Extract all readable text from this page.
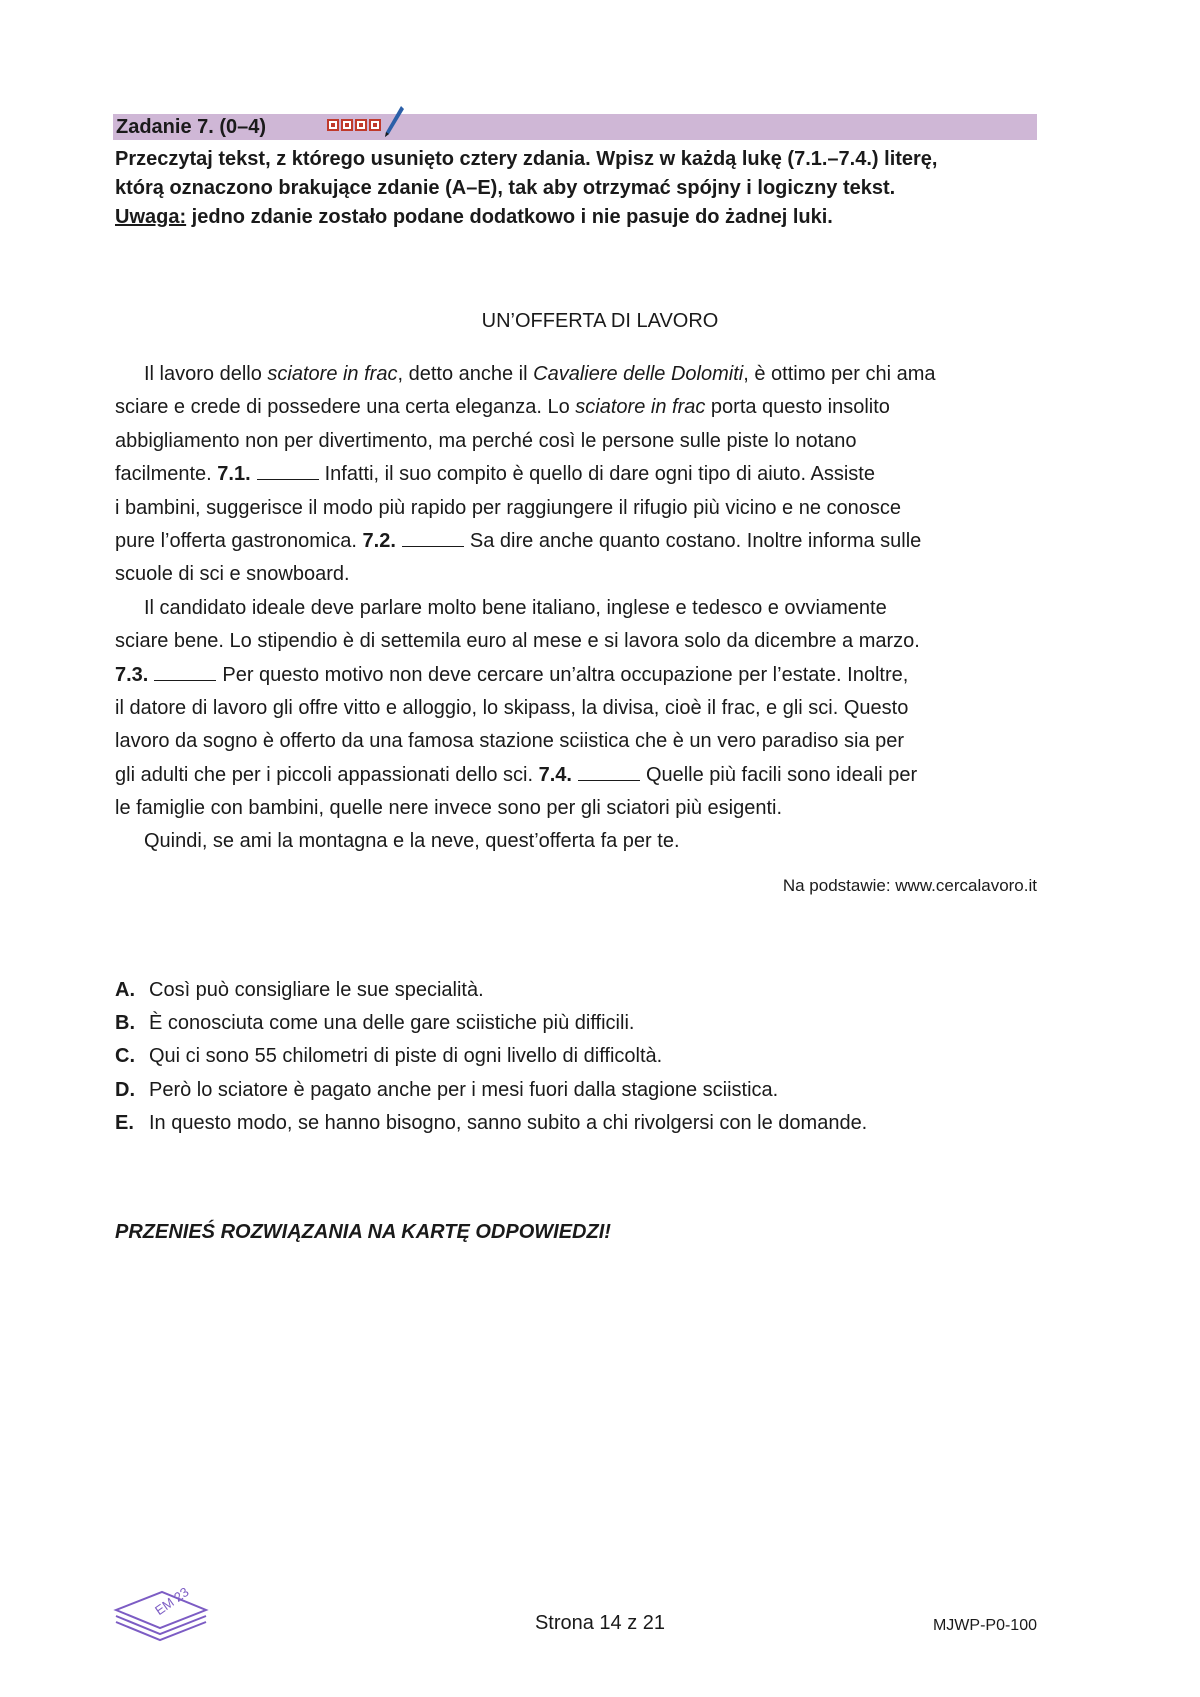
Zadanie 7. (0–4)
Przeczytaj tekst, z którego usunięto cztery zdania. Wpisz w każdą lukę (7.1.–7.4.) literę,
którą oznaczono brakujące zdanie (A–E), tak aby otrzymać spójny i logiczny tekst.
Uwaga: jedno zdanie zostało podane dodatkowo i nie pasuje do żadnej luki.
UN’OFFERTA DI LAVORO
Il lavoro dello sciatore in frac, detto anche il Cavaliere delle Dolomiti, è ottimo per chi ama
sciare e crede di possedere una certa eleganza. Lo sciatore in frac porta questo insolito
abbigliamento non per divertimento, ma perché così le persone sulle piste lo notano
facilmente. 7.1.	Infatti, il suo compito è quello di dare ogni tipo di aiuto. Assiste
i bambini, suggerisce il modo più rapido per raggiungere il rifugio più vicino e ne conosce
pure l’offerta gastronomica. 7.2.	Sa dire anche quanto costano. Inoltre informa sulle
scuole di sci e snowboard.
Il candidato ideale deve parlare molto bene italiano, inglese e tedesco e ovviamente
sciare bene. Lo stipendio è di settemila euro al mese e si lavora solo da dicembre a marzo.
7.3.	Per questo motivo non deve cercare un’altra occupazione per l’estate. Inoltre,
il datore di lavoro gli offre vitto e alloggio, lo skipass, la divisa, cioè il frac, e gli sci. Questo
lavoro da sogno è offerto da una famosa stazione sciistica che è un vero paradiso sia per
gli adulti che per i piccoli appassionati dello sci. 7.4.	Quelle più facili sono ideali per
le famiglie con bambini, quelle nere invece sono per gli sciatori più esigenti.
Quindi, se ami la montagna e la neve, quest’offerta fa per te.
Na podstawie: www.cercalavoro.it
A. Così può consigliare le sue specialità.
B. È conosciuta come una delle gare sciistiche più difficili.
C. Qui ci sono 55 chilometri di piste di ogni livello di difficoltà.
D. Però lo sciatore è pagato anche per i mesi fuori dalla stagione sciistica.
E. In questo modo, se hanno bisogno, sanno subito a chi rivolgersi con le domande.
PRZENIEŚ ROZWIĄZANIA NA KARTĘ ODPOWIEDZI!
EM 23
Strona 14 z 21	MJWP-P0-100
